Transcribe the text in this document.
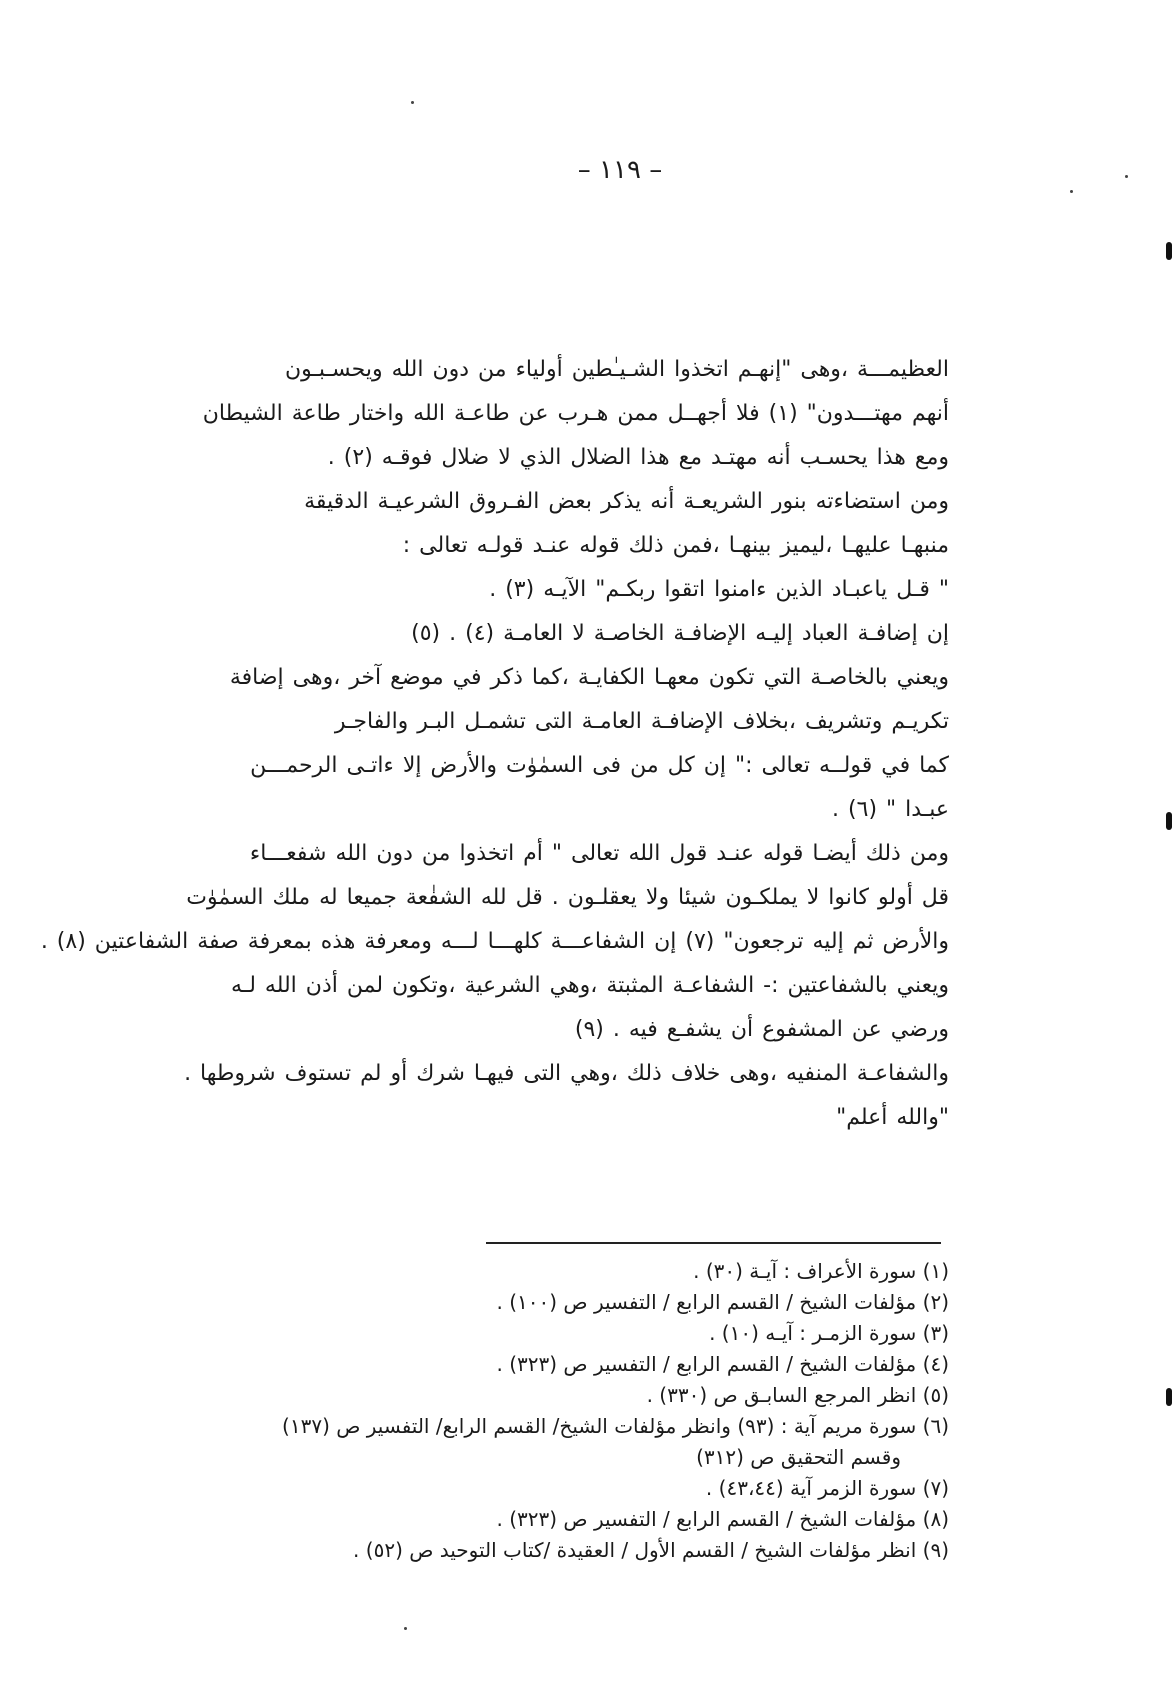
– ١١٩ –
العظيمـــة ،وهى "إنهـم اتخذوا الشـيـٰطين أولياء من دون الله ويحسـبـون
أنهم مهتـــدون" (١) فلا أجهــل ممن هـرب عن طاعـة الله واختار طاعة الشيطان
ومع هذا يحسـب أنه مهتـد مع هذا الضلال الذي لا ضلال فوقـه (٢) .
ومن استضاءته بنور الشريعـة أنه يذكر بعض الفـروق الشرعيـة الدقيقة
منبهـا عليهـا ،ليميز بينهـا ،فمن ذلك قوله عنـد قولـه تعالى :
" قـل ياعبـاد الذين ءامنوا اتقوا ربكـم" الآيـه (٣) .
إن إضافـة العباد إليـه الإضافـة الخاصـة لا العامـة (٤) . (٥)
ويعني بالخاصـة التي تكون معهـا الكفايـة ،كما ذكر في موضع آخر ،وهى إضافة
تكريـم وتشريف ،بخلاف الإضافـة العامـة التى تشمـل البـر والفاجـر
كما في قولــه تعالى :" إن كل من فى السمٰوٰت والأرض إلا ءاتـى الرحمـــن
عبـدا " (٦) .
ومن ذلك أيضـا قوله عنـد قول الله تعالى " أم اتخذوا من دون الله شفعـــاء
قل أولو كانوا لا يملكـون شيئا ولا يعقلـون . قل لله الشفٰعة جميعا له ملك السمٰوٰت
والأرض ثم إليه ترجعون" (٧) إن الشفاعـــة كلهـــا لـــه ومعرفة هذه بمعرفة صفة الشفاعتين (٨) .
ويعني بالشفاعتين :- الشفاعـة المثبتة ،وهي الشرعية ،وتكون لمن أذن الله لـه
ورضي عن المشفوع أن يشفـع فيه . (٩)
والشفاعـة المنفيه ،وهى خلاف ذلك ،وهي التى فيهـا شرك أو لم تستوف شروطها .
"والله أعلم"
(١) سورة الأعراف : آيـة (٣٠) .
(٢) مؤلفات الشيخ / القسم الرابع / التفسير ص (١٠٠) .
(٣) سورة الزمـر : آيـه (١٠) .
(٤) مؤلفات الشيخ / القسم الرابع / التفسير ص (٣٢٣) .
(٥) انظر المرجع السابـق ص (٣٣٠) .
(٦) سورة مريم آية : (٩٣) وانظر مؤلفات الشيخ/ القسم الرابع/ التفسير ص (١٣٧)
وقسم التحقيق ص (٣١٢)
(٧) سورة الزمر آية (٤٣،٤٤) .
(٨) مؤلفات الشيخ / القسم الرابع / التفسير ص (٣٢٣) .
(٩) انظر مؤلفات الشيخ / القسم الأول / العقيدة /كتاب التوحيد ص (٥٢) .
